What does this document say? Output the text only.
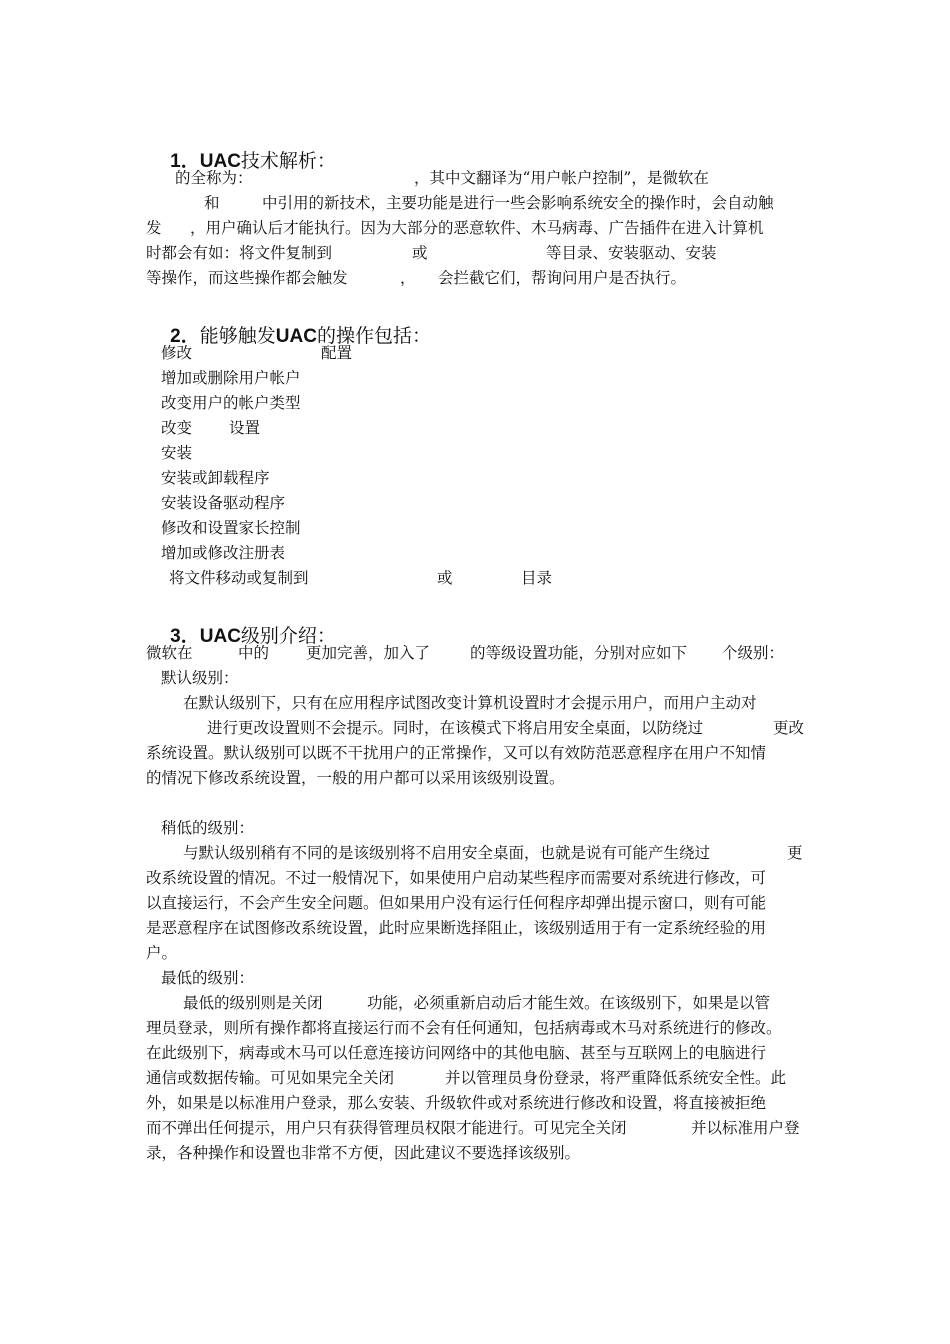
1．UAC技术解析：

的全称为：	，其中文翻译为“用户帐户控制”，是微软在
和	中引用的新技术，主要功能是进行一些会影响系统安全的操作时，会自动触
发 ，用户确认后才能执行。因为大部分的恶意软件、木马病毒、广告插件在进入计算机
时都会有如：将文件复制到	或	等目录、安装驱动、安装
等操作，而这些操作都会触发	， 会拦截它们，帮询问用户是否执行。

2．能够触发UAC的操作包括：

修改	配置
增加或删除用户帐户
改变用户的帐户类型
改变 设置
安装
安装或卸载程序
安装设备驱动程序
修改和设置家长控制
增加或修改注册表
将文件移动或复制到	或	目录

3．UAC级别介绍：

微软在	中的 更加完善，加入了	的等级设置功能，分别对应如下 个级别：
默认级别：
在默认级别下，只有在应用程序试图改变计算机设置时才会提示用户，而用户主动对
进行更改设置则不会提示。同时，在该模式下将启用安全桌面，以防绕过	更改
系统设置。默认级别可以既不干扰用户的正常操作，又可以有效防范恶意程序在用户不知情
的情况下修改系统设置，一般的用户都可以采用该级别设置。
稍低的级别：
与默认级别稍有不同的是该级别将不启用安全桌面，也就是说有可能产生绕过	更
改系统设置的情况。不过一般情况下，如果使用户启动某些程序而需要对系统进行修改，可
以直接运行，不会产生安全问题。但如果用户没有运行任何程序却弹出提示窗口，则有可能
是恶意程序在试图修改系统设置，此时应果断选择阻止，该级别适用于有一定系统经验的用
户。
最低的级别：
最低的级别则是关闭	功能，必须重新启动后才能生效。在该级别下，如果是以管
理员登录，则所有操作都将直接运行而不会有任何通知，包括病毒或木马对系统进行的修改。
在此级别下，病毒或木马可以任意连接访问网络中的其他电脑、甚至与互联网上的电脑进行
通信或数据传输。可见如果完全关闭	并以管理员身份登录，将严重降低系统安全性。此
外，如果是以标准用户登录，那么安装、升级软件或对系统进行修改和设置，将直接被拒绝
而不弹出任何提示，用户只有获得管理员权限才能进行。可见完全关闭	并以标准用户登
录，各种操作和设置也非常不方便，因此建议不要选择该级别。
